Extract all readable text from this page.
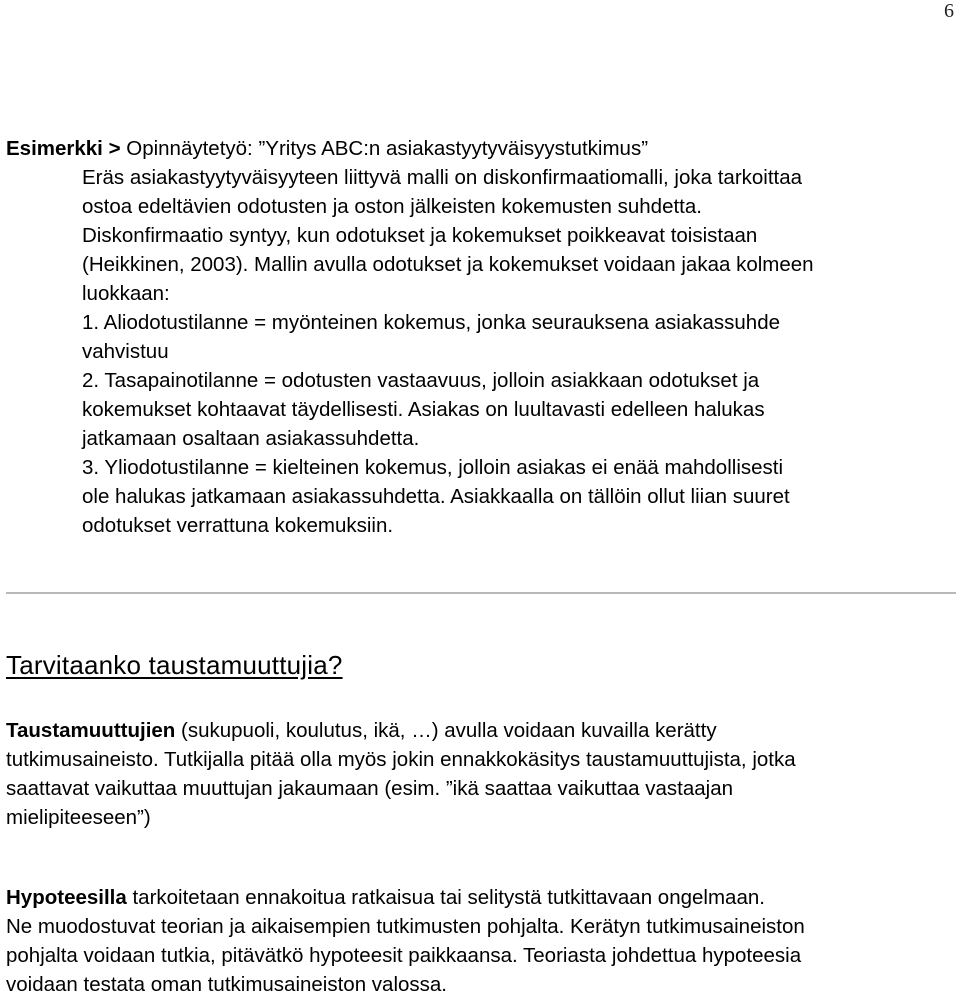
6
Esimerkki > Opinnäytetyö: ”Yritys ABC:n asiakastyytyväisyystutkimus”

Eräs asiakastyytyväisyyteen liittyvä malli on diskonfirmaatiomalli, joka tarkoittaa

ostoa edeltävien odotusten ja oston jälkeisten kokemusten suhdetta.

Diskonfirmaatio syntyy, kun odotukset ja kokemukset poikkeavat toisistaan

(Heikkinen, 2003). Mallin avulla odotukset ja kokemukset voidaan jakaa kolmeen

luokkaan:

1. Aliodotustilanne = myönteinen kokemus, jonka seurauksena asiakassuhde

vahvistuu

2. Tasapainotilanne = odotusten vastaavuus, jolloin asiakkaan odotukset ja

kokemukset kohtaavat täydellisesti. Asiakas on luultavasti edelleen halukas

jatkamaan osaltaan asiakassuhdetta.

3. Yliodotustilanne = kielteinen kokemus, jolloin asiakas ei enää mahdollisesti

ole halukas jatkamaan asiakassuhdetta. Asiakkaalla on tällöin ollut liian suuret

odotukset verrattuna kokemuksiin.

Tarvitaanko taustamuuttujia?
Taustamuuttujien (sukupuoli, koulutus, ikä, …) avulla voidaan kuvailla kerätty
tutkimusaineisto. Tutkijalla pitää olla myös jokin ennakkokäsitys taustamuuttujista, jotka
saattavat vaikuttaa muuttujan jakaumaan (esim. ”ikä saattaa vaikuttaa vastaajan
mielipiteeseen”)
Hypoteesilla tarkoitetaan ennakoitua ratkaisua tai selitystä tutkittavaan ongelmaan.
Ne muodostuvat teorian ja aikaisempien tutkimusten pohjalta. Kerätyn tutkimusaineiston
pohjalta voidaan tutkia, pitävätkö hypoteesit paikkaansa. Teoriasta johdettua hypoteesia
voidaan testata oman tutkimusaineiston valossa.
